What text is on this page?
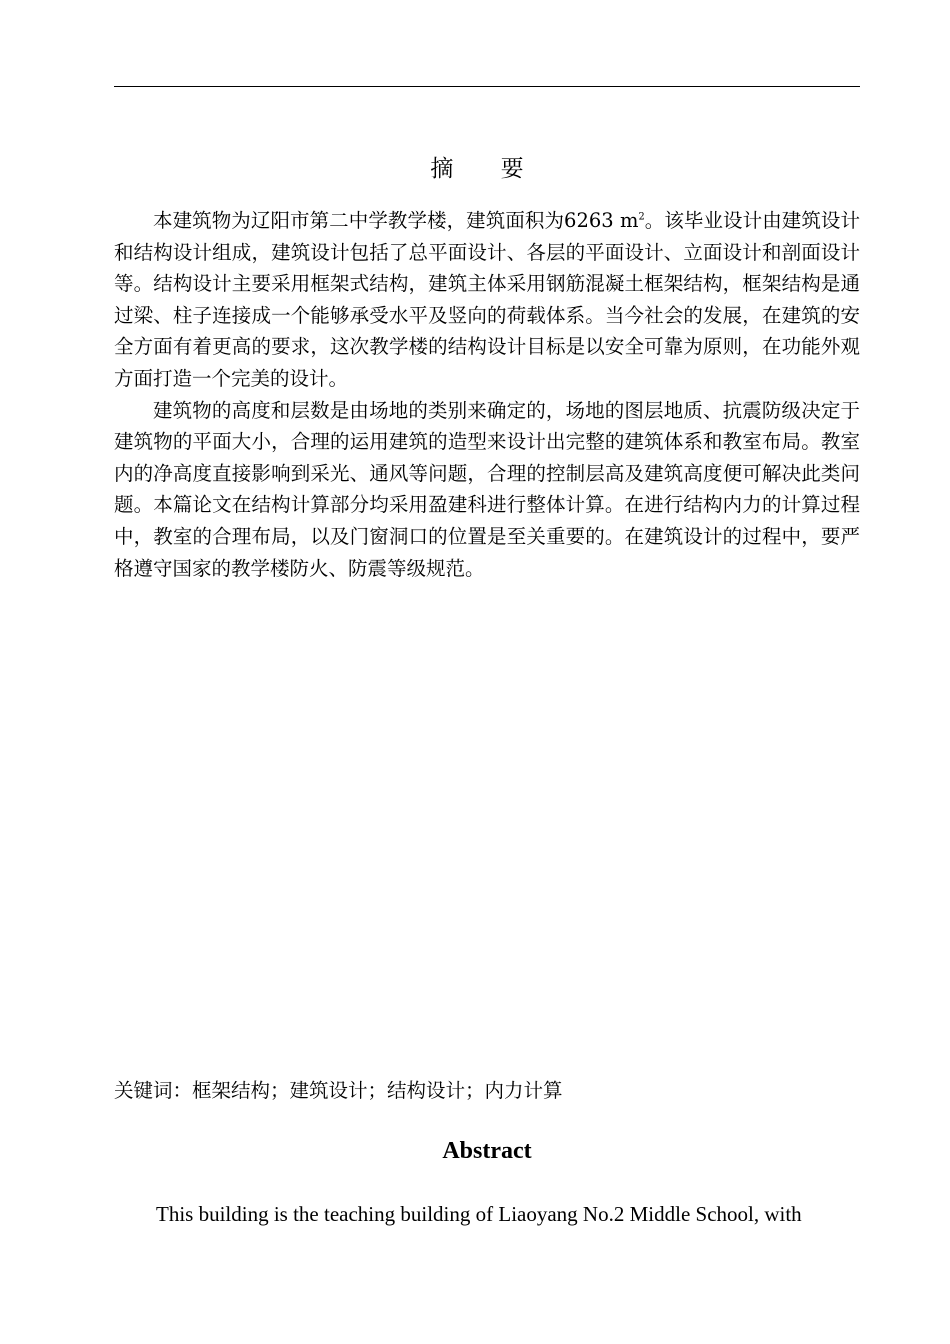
摘 要

本建筑物为辽阳市第二中学教学楼，建筑面积为6263 $m^2$。该毕业设计由建筑设计和结构设计组成，建筑设计包括了总平面设计、各层的平面设计、立面设计和剖面设计等。结构设计主要采用框架式结构，建筑主体采用钢筋混凝土框架结构，框架结构是通过梁、柱子连接成一个能够承受水平及竖向的荷载体系。当今社会的发展，在建筑的安全方面有着更高的要求，这次教学楼的结构设计目标是以安全可靠为原则，在功能外观方面打造一个完美的设计。

建筑物的高度和层数是由场地的类别来确定的，场地的图层地质、抗震防级决定于建筑物的平面大小，合理的运用建筑的造型来设计出完整的建筑体系和教室布局。教室内的净高度直接影响到采光、通风等问题，合理的控制层高及建筑高度便可解决此类问题。本篇论文在结构计算部分均采用盈建科进行整体计算。在进行结构内力的计算过程中，教室的合理布局，以及门窗洞口的位置是至关重要的。在建筑设计的过程中，要严格遵守国家的教学楼防火、防震等级规范。

关键词：框架结构；建筑设计；结构设计；内力计算
Abstract

This building is the teaching building of Liaoyang No.2 Middle School, with
